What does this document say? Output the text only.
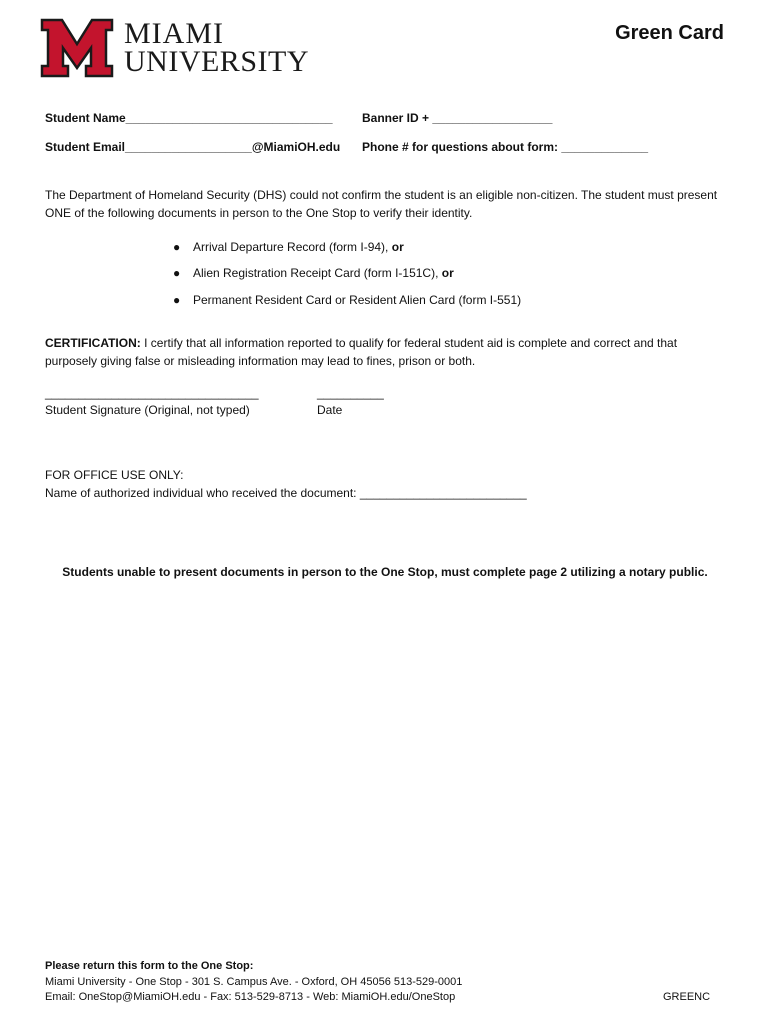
MIAMI
UNIVERSITY
Green Card
Student Name_______________________________ Banner ID + __________________
Student Email___________________@MiamiOH.edu Phone # for questions about form: _____________
The Department of Homeland Security (DHS) could not confirm the student is an eligible non-citizen. The student must present ONE of the following documents in person to the One Stop to verify their identity.
● Arrival Departure Record (form I-94), or
● Alien Registration Receipt Card (form I-151C), or
● Permanent Resident Card or Resident Alien Card (form I-551)
CERTIFICATION: I certify that all information reported to qualify for federal student aid is complete and correct and that purposely giving false or misleading information may lead to fines, prison or both.
________________________________
Student Signature (Original, not typed)
__________
Date
FOR OFFICE USE ONLY:
Name of authorized individual who received the document: _________________________
Students unable to present documents in person to the One Stop, must complete page 2 utilizing a notary public.
Please return this form to the One Stop:
Miami University - One Stop - 301 S. Campus Ave. - Oxford, OH 45056 513-529-0001
Email: OneStop@MiamiOH.edu - Fax: 513-529-8713 - Web: MiamiOH.edu/OneStop	GREENC
